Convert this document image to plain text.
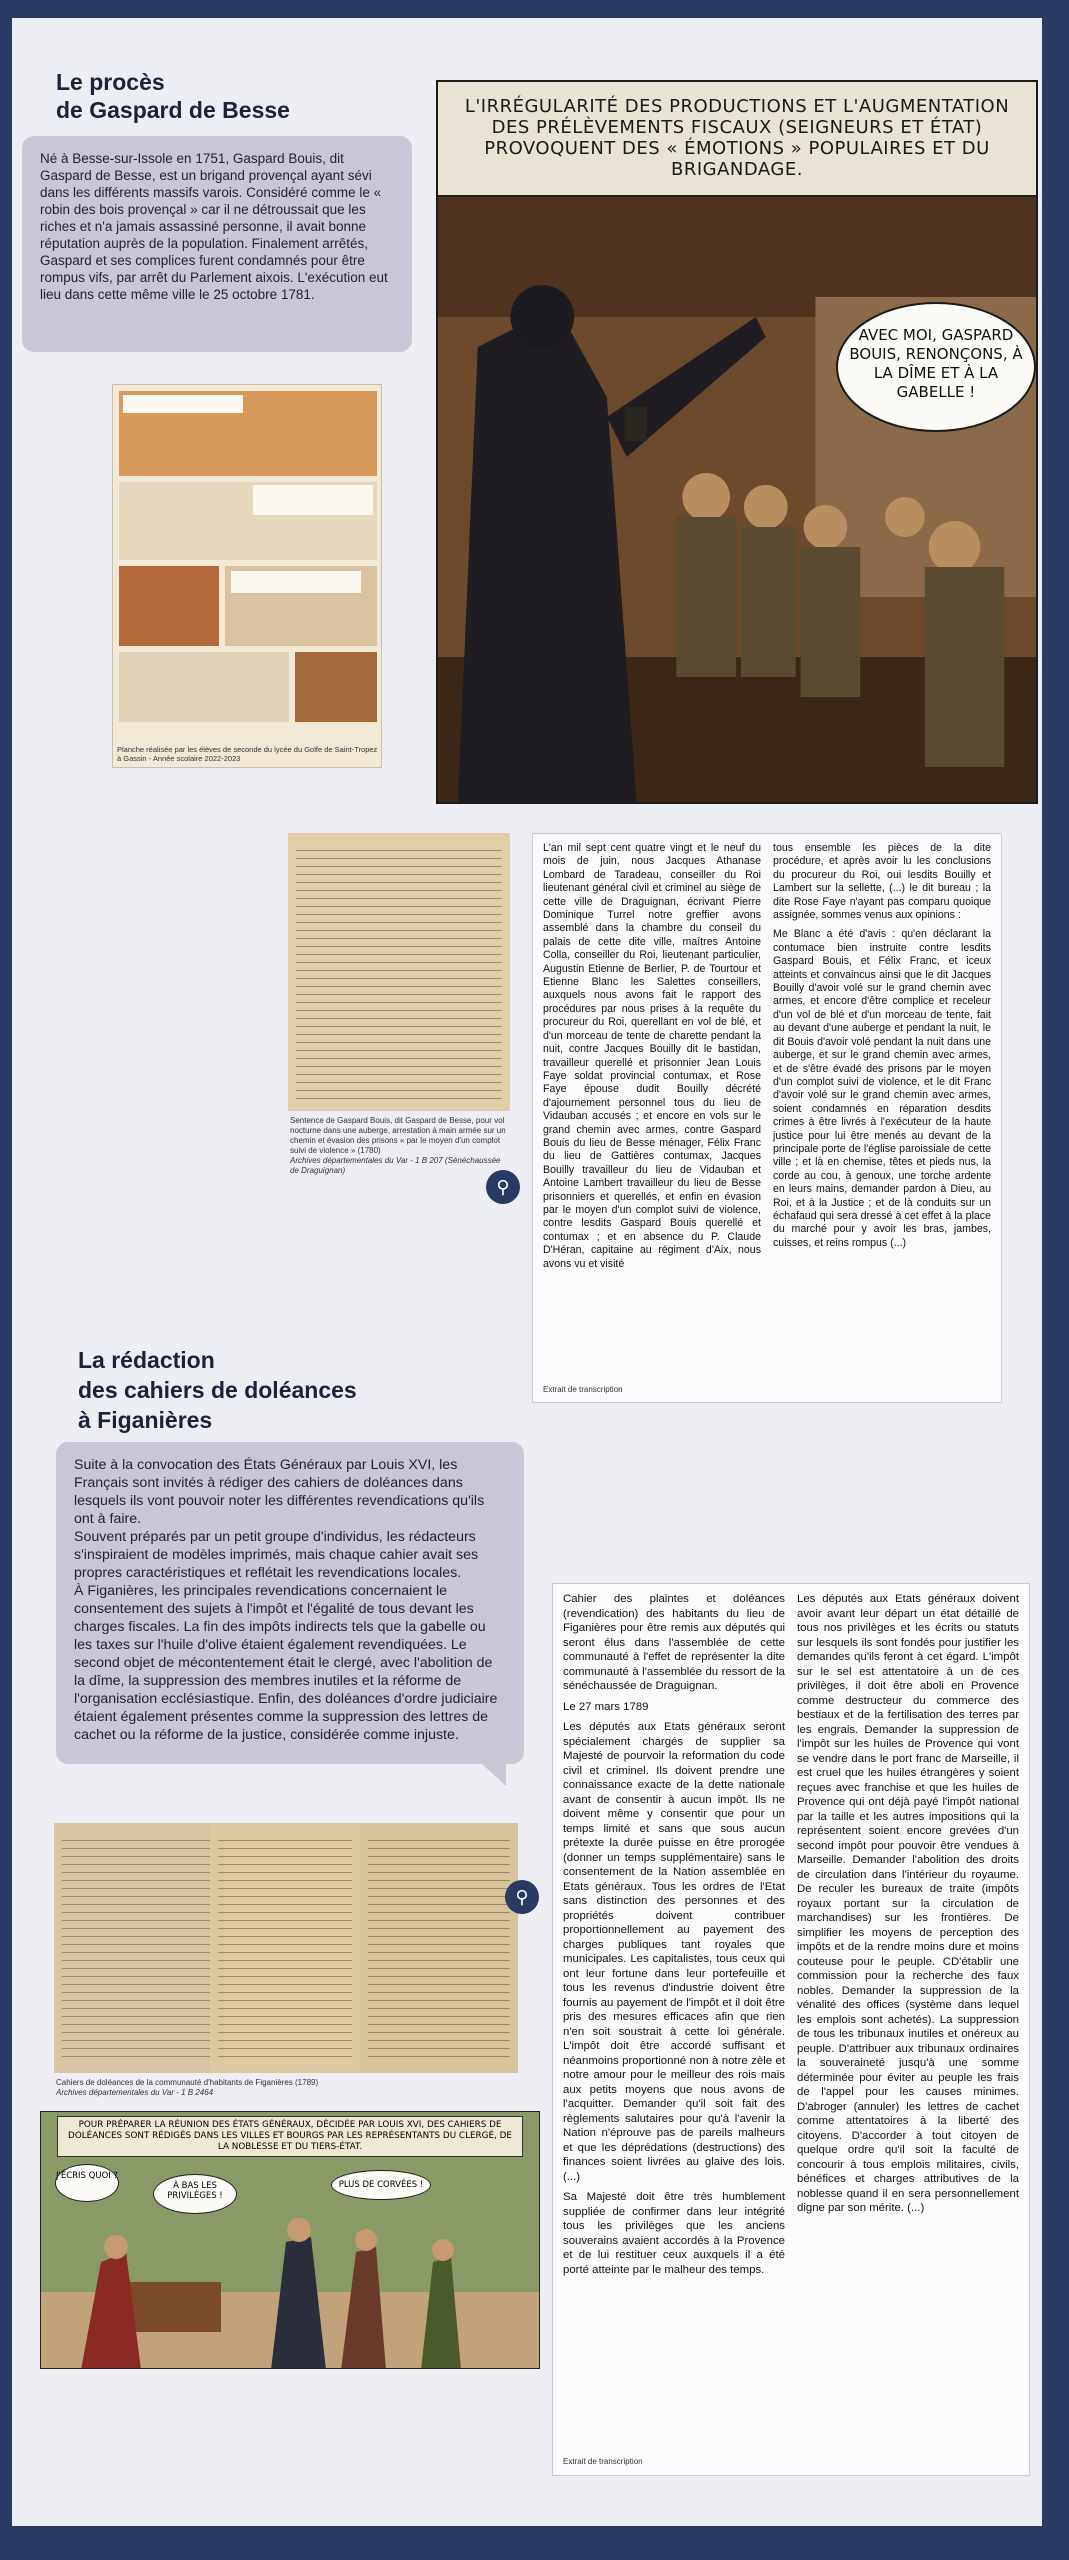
Le procès
de Gaspard de Besse

Né à Besse-sur-Issole en 1751, Gaspard Bouis, dit Gaspard de Besse, est un brigand provençal ayant sévi dans les différents massifs varois. Considéré comme le « robin des bois provençal » car il ne détroussait que les riches et n'a jamais assassiné personne, il avait bonne réputation auprès de la population. Finalement arrêtés, Gaspard et ses complices furent condamnés pour être rompus vifs, par arrêt du Parlement aixois. L'exécution eut lieu dans cette même ville le 25 octobre 1781.

L'IRRÉGULARITÉ DES PRODUCTIONS ET L'AUGMENTATION DES PRÉLÈVEMENTS FISCAUX (SEIGNEURS ET ÉTAT) PROVOQUENT DES « ÉMOTIONS » POPULAIRES ET DU BRIGANDAGE.
AVEC MOI, GASPARD BOUIS, RENONÇONS, À LA DÎME ET À LA GABELLE !
Planche réalisée par les élèves de seconde du lycée du Golfe de Saint-Tropez à Gassin - Année scolaire 2022-2023
Sentence de Gaspard Bouis, dit Gaspard de Besse, pour vol nocturne dans une auberge, arrestation à main armée sur un chemin et évasion des prisons « par le moyen d'un complot suivi de violence » (1780)
Archives départementales du Var - 1 B 207 (Sénéchaussée de Draguignan)
⚲

L'an mil sept cent quatre vingt et le neuf du mois de juin, nous Jacques Athanase Lombard de Taradeau, conseiller du Roi lieutenant général civil et criminel au siège de cette ville de Draguignan, écrivant Pierre Dominique Turrel notre greffier avons assemblé dans la chambre du conseil du palais de cette dite ville, maîtres Antoine Colla, conseiller du Roi, lieutenant particulier, Augustin Etienne de Berlier, P. de Tourtour et Etienne Blanc les Salettes conseillers, auxquels nous avons fait le rapport des procédures par nous prises à la requête du procureur du Roi, querellant en vol de blé, et d'un morceau de tente de charette pendant la nuit, contre Jacques Bouilly dit le bastidan, travailleur querellé et prisonnier Jean Louis Faye soldat provincial contumax, et Rose Faye épouse dudit Bouilly décrété d'ajournement personnel tous du lieu de Vidauban accusés ; et encore en vols sur le grand chemin avec armes, contre Gaspard Bouis du lieu de Besse ménager, Félix Franc du lieu de Gattières contumax, Jacques Bouilly travailleur du lieu de Vidauban et Antoine Lambert travailleur du lieu de Besse prisonniers et querellés, et enfin en évasion par le moyen d'un complot suivi de violence, contre lesdits Gaspard Bouis querellé et contumax ; et en absence du P. Claude D'Héran, capitaine au régiment d'Aix, nous avons vu et visité

tous ensemble les pièces de la dite procédure, et après avoir lu les conclusions du procureur du Roi, oui lesdits Bouilly et Lambert sur la sellette, (...) le dit bureau ; la dite Rose Faye n'ayant pas comparu quoique assignée, sommes venus aux opinions :

Me Blanc a été d'avis : qu'en déclarant la contumace bien instruite contre lesdits Gaspard Bouis, et Félix Franc, et iceux atteints et convaincus ainsi que le dit Jacques Bouilly d'avoir volé sur le grand chemin avec armes, et encore d'être complice et receleur d'un vol de blé et d'un morceau de tente, fait au devant d'une auberge et pendant la nuit, le dit Bouis d'avoir volé pendant la nuit dans une auberge, et sur le grand chemin avec armes, et de s'être évadé des prisons par le moyen d'un complot suivi de violence, et le dit Franc d'avoir volé sur le grand chemin avec armes, soient condamnés en réparation desdits crimes à être livrés à l'exécuteur de la haute justice pour lui être menés au devant de la principale porte de l'église paroissiale de cette ville ; et là en chemise, têtes et pieds nus, la corde au cou, à genoux, une torche ardente en leurs mains, demander pardon à Dieu, au Roi, et à la Justice ; et de là conduits sur un échafaud qui sera dressé à cet effet à la place du marché pour y avoir les bras, jambes, cuisses, et reins rompus (...)

Extrait de transcription
La rédaction
des cahiers de doléances
à Figanières

Suite à la convocation des États Généraux par Louis XVI, les Français sont invités à rédiger des cahiers de doléances dans lesquels ils vont pouvoir noter les différentes revendications qu'ils ont à faire.

Souvent préparés par un petit groupe d'individus, les rédacteurs s'inspiraient de modèles imprimés, mais chaque cahier avait ses propres caractéristiques et reflétait les revendications locales.

À Figanières, les principales revendications concernaient le consentement des sujets à l'impôt et l'égalité de tous devant les charges fiscales. La fin des impôts indirects tels que la gabelle ou les taxes sur l'huile d'olive étaient également revendiquées. Le second objet de mécontentement était le clergé, avec l'abolition de la dîme, la suppression des membres inutiles et la réforme de l'organisation ecclésiastique. Enfin, des doléances d'ordre judiciaire étaient également présentes comme la suppression des lettres de cachet ou la réforme de la justice, considérée comme injuste.

Cahiers de doléances de la communauté d'habitants de Figanières (1789)
Archives départementales du Var - 1 B 2464
⚲
POUR PRÉPARER LA RÉUNION DES ÉTATS GÉNÉRAUX, DÉCIDÉE PAR LOUIS XVI, DES CAHIERS DE DOLÉANCES SONT RÉDIGÉS DANS LES VILLES ET BOURGS PAR LES REPRÉSENTANTS DU CLERGÉ, DE LA NOBLESSE ET DU TIERS-ÉTAT.
J'ÉCRIS QUOI ?
À BAS LES PRIVILÈGES !
PLUS DE CORVÉES !

Cahier des plaintes et doléances (revendication) des habitants du lieu de Figanières pour être remis aux députés qui seront élus dans l'assemblée de cette communauté à l'effet de représenter la dite communauté à l'assemblée du ressort de la sénéchaussée de Draguignan.

Le 27 mars 1789

Les députés aux Etats généraux seront spécialement chargés de supplier sa Majesté de pourvoir la reformation du code civil et criminel. Ils doivent prendre une connaissance exacte de la dette nationale avant de consentir à aucun impôt. Ils ne doivent même y consentir que pour un temps limité et sans que sous aucun prétexte la durée puisse en être prorogée (donner un temps supplémentaire) sans le consentement de la Nation assemblée en Etats généraux. Tous les ordres de l'Etat sans distinction des personnes et des propriétés doivent contribuer proportionnellement au payement des charges publiques tant royales que municipales. Les capitalistes, tous ceux qui ont leur fortune dans leur portefeuille et tous les revenus d'industrie doivent être fournis au payement de l'impôt et il doit être pris des mesures efficaces afin que rien n'en soit soustrait à cette loi générale. L'impôt doit être accordé suffisant et néanmoins proportionné non à notre zèle et notre amour pour le meilleur des rois mais aux petits moyens que nous avons de l'acquitter. Demander qu'il soit fait des règlements salutaires pour qu'à l'avenir la Nation n'éprouve pas de pareils malheurs et que les déprédations (destructions) des finances soient livrées au glaive des lois. (...)

Sa Majesté doit être très humblement suppliée de confirmer dans leur intégrité tous les privilèges que les anciens souverains avaient accordés à la Provence et de lui restituer ceux auxquels il a été porté atteinte par le malheur des temps.

Les députés aux Etats généraux doivent avoir avant leur départ un état détaillé de tous nos privilèges et les écrits ou statuts sur lesquels ils sont fondés pour justifier les demandes qu'ils feront à cet égard. L'impôt sur le sel est attentatoire à un de ces privilèges, il doit être aboli en Provence comme destructeur du commerce des bestiaux et de la fertilisation des terres par les engrais. Demander la suppression de l'impôt sur les huiles de Provence qui vont se vendre dans le port franc de Marseille, il est cruel que les huiles étrangères y soient reçues avec franchise et que les huiles de Provence qui ont déjà payé l'impôt national par la taille et les autres impositions qui la représentent soient encore grevées d'un second impôt pour pouvoir être vendues à Marseille. Demander l'abolition des droits de circulation dans l'intérieur du royaume. De reculer les bureaux de traite (impôts royaux portant sur la circulation de marchandises) sur les frontières. De simplifier les moyens de perception des impôts et de la rendre moins dure et moins couteuse pour le peuple. CD'établir une commission pour la recherche des faux nobles. Demander la suppression de la vénalité des offices (système dans lequel les emplois sont achetés). La suppression de tous les tribunaux inutiles et onéreux au peuple. D'attribuer aux tribunaux ordinaires la souveraineté jusqu'à une somme déterminée pour éviter au peuple les frais de l'appel pour les causes minimes. D'abroger (annuler) les lettres de cachet comme attentatoires à la liberté des citoyens. D'accorder à tout citoyen de quelque ordre qu'il soit la faculté de concourir à tous emplois militaires, civils, bénéfices et charges attributives de la noblesse quand il en sera personnellement digne par son mérite. (...)

Extrait de transcription
